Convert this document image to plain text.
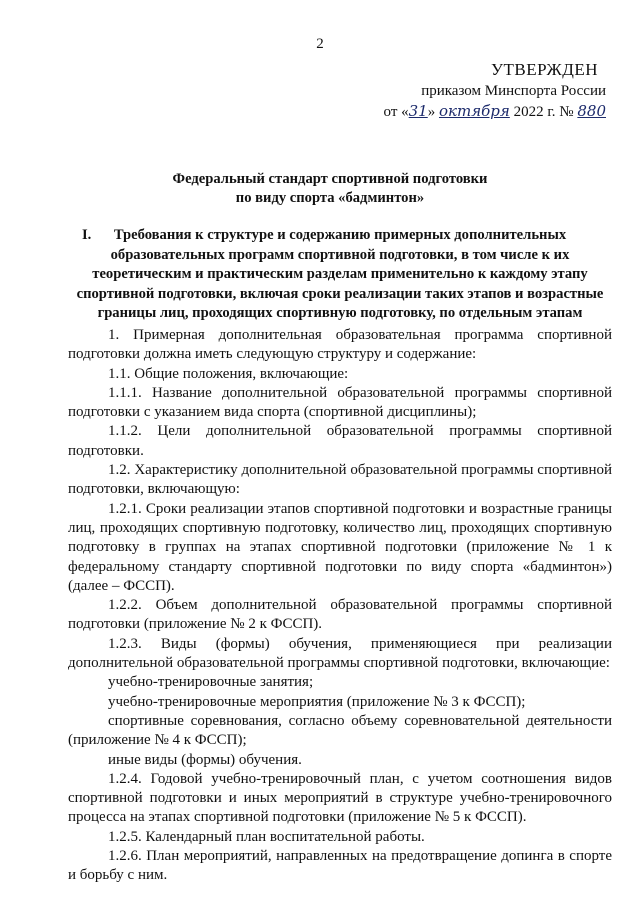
2
УТВЕРЖДЕН
приказом Минспорта России
от «31» октября 2022 г. № 880
Федеральный стандарт спортивной подготовки
по виду спорта «бадминтон»
I.	Требования к структуре и содержанию примерных дополнительных образовательных программ спортивной подготовки, в том числе к их теоретическим и практическим разделам применительно к каждому этапу спортивной подготовки, включая сроки реализации таких этапов и возрастные границы лиц, проходящих спортивную подготовку, по отдельным этапам

1. Примерная дополнительная образовательная программа спортивной подготовки должна иметь следующую структуру и содержание:

1.1. Общие положения, включающие:

1.1.1. Название дополнительной образовательной программы спортивной подготовки с указанием вида спорта (спортивной дисциплины);

1.1.2. Цели дополнительной образовательной программы спортивной подготовки.

1.2. Характеристику дополнительной образовательной программы спортивной подготовки, включающую:

1.2.1. Сроки реализации этапов спортивной подготовки и возрастные границы лиц, проходящих спортивную подготовку, количество лиц, проходящих спортивную подготовку в группах на этапах спортивной подготовки (приложение № 1 к федеральному стандарту спортивной подготовки по виду спорта «бадминтон») (далее – ФССП).

1.2.2. Объем дополнительной образовательной программы спортивной подготовки (приложение № 2 к ФССП).

1.2.3. Виды (формы) обучения, применяющиеся при реализации дополнительной образовательной программы спортивной подготовки, включающие:

учебно-тренировочные занятия;

учебно-тренировочные мероприятия (приложение № 3 к ФССП);

спортивные соревнования, согласно объему соревновательной деятельности (приложение № 4 к ФССП);

иные виды (формы) обучения.

1.2.4. Годовой учебно-тренировочный план, с учетом соотношения видов спортивной подготовки и иных мероприятий в структуре учебно-тренировочного процесса на этапах спортивной подготовки (приложение № 5 к ФССП).

1.2.5. Календарный план воспитательной работы.

1.2.6. План мероприятий, направленных на предотвращение допинга в спорте и борьбу с ним.
